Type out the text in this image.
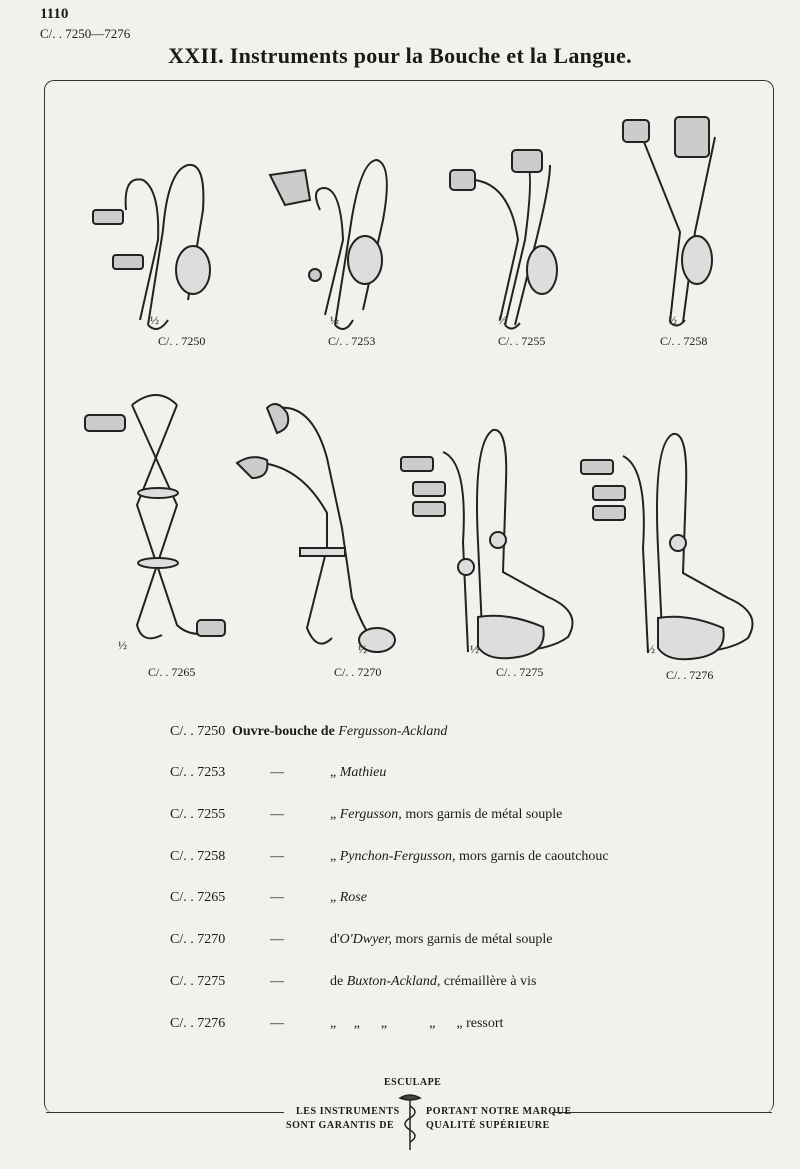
1110
C/. . 7250—7276
XXII. Instruments pour la Bouche et la Langue.
½
C/. . 7250
½
C/. . 7253
½
C/. . 7255
½
C/. . 7258
½
C/. . 7265
½
C/. . 7270
½
C/. . 7275
½
C/. . 7276
C/. . 7250 Ouvre-bouche de Fergusson-Ackland
C/. . 7253	—	„ Mathieu
C/. . 7255	—	„ Fergusson, mors garnis de métal souple
C/. . 7258	—	„ Pynchon-Fergusson, mors garnis de caoutchouc
C/. . 7265	—	„ Rose
C/. . 7270	—	d'O'Dwyer, mors garnis de métal souple
C/. . 7275	—	de Buxton-Ackland, crémaillère à vis
C/. . 7276	—	„     „      „            „      „ ressort
ESCULAPE
LES INSTRUMENTS	PORTANT NOTRE MARQUE
SONT GARANTIS DE	QUALITÉ SUPÉRIEURE
